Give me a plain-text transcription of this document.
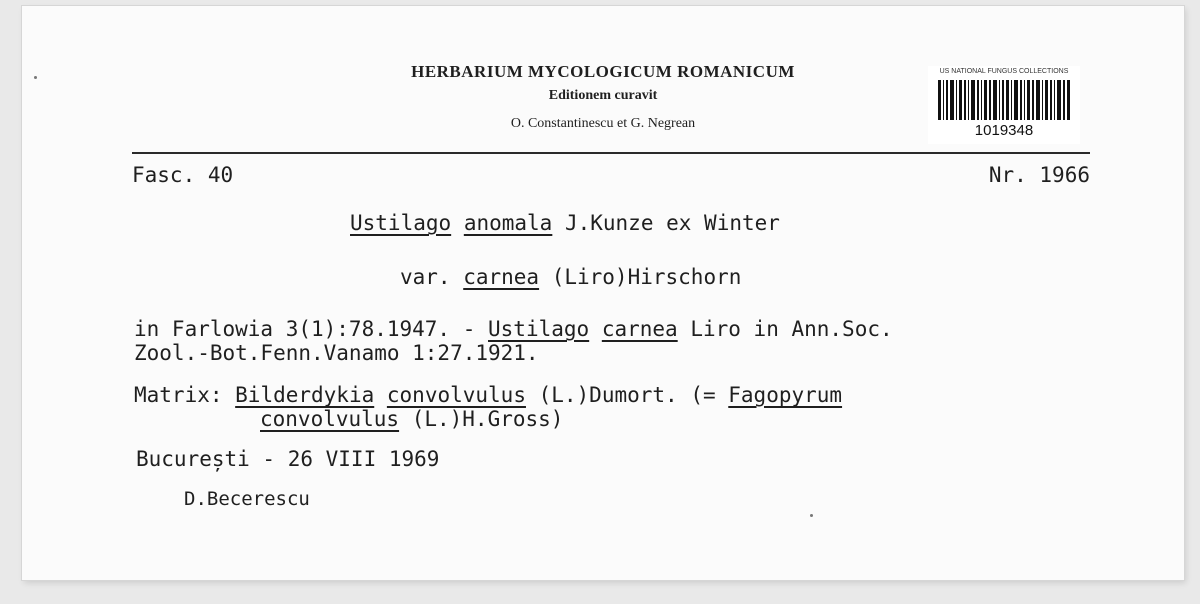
HERBARIUM MYCOLOGICUM ROMANICUM
Editionem curavit
O. Constantinescu et G. Negrean
US NATIONAL FUNGUS COLLECTIONS
1019348
Fasc. 40	Nr. 1966
Ustilago anomala J.Kunze ex Winter
var. carnea (Liro)Hirschorn
in Farlowia 3(1):78.1947. - Ustilago carnea Liro in Ann.Soc.
Zool.-Bot.Fenn.Vanamo 1:27.1921.
Matrix: Bilderdykia convolvulus (L.)Dumort. (= Fagopyrum
convolvulus (L.)H.Gross)
București - 26 VIII 1969
D.Becerescu
